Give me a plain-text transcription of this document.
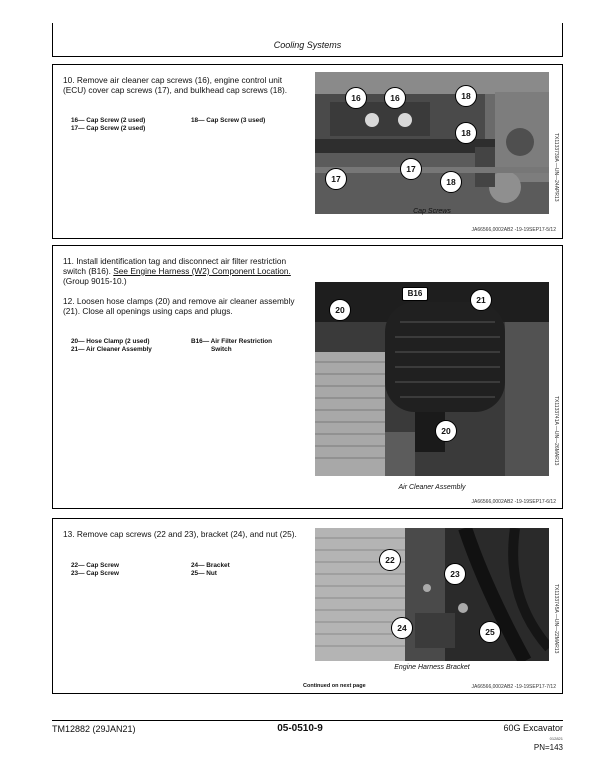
Cooling Systems
10. Remove air cleaner cap screws (16), engine control unit (ECU) cover cap screws (17), and bulkhead cap screws (18).
16— Cap Screw (2 used)	18— Cap Screw (3 used)
17— Cap Screw (2 used)
16	16	18
18
17
17
18
Cap Screws
TX1133739A —UN—24APR13
JA66566,0002AB2 -19-19SEP17-5/12
11. Install identification tag and disconnect air filter restriction switch (B16). See Engine Harness (W2) Component Location. (Group 9015-10.)
12. Loosen hose clamps (20) and remove air cleaner assembly (21). Close all openings using caps and plugs.
20— Hose Clamp (2 used)	B16— Air Filter Restriction
21— Air Cleaner Assembly	Switch
20
B16
21
20
Air Cleaner Assembly
TX1133741A —UN—26MAR13
JA66566,0002AB2 -19-19SEP17-6/12
13. Remove cap screws (22 and 23), bracket (24), and nut (25).
22— Cap Screw	24— Bracket
23— Cap Screw	25— Nut
22
23
24	25
Engine Harness Bracket
TX1133745A —UN—22MAR13
Continued on next page	JA66566,0002AB2 -19-19SEP17-7/12
TM12882 (29JAN21)	05-0510-9	60G Excavator
012821
PN=143
